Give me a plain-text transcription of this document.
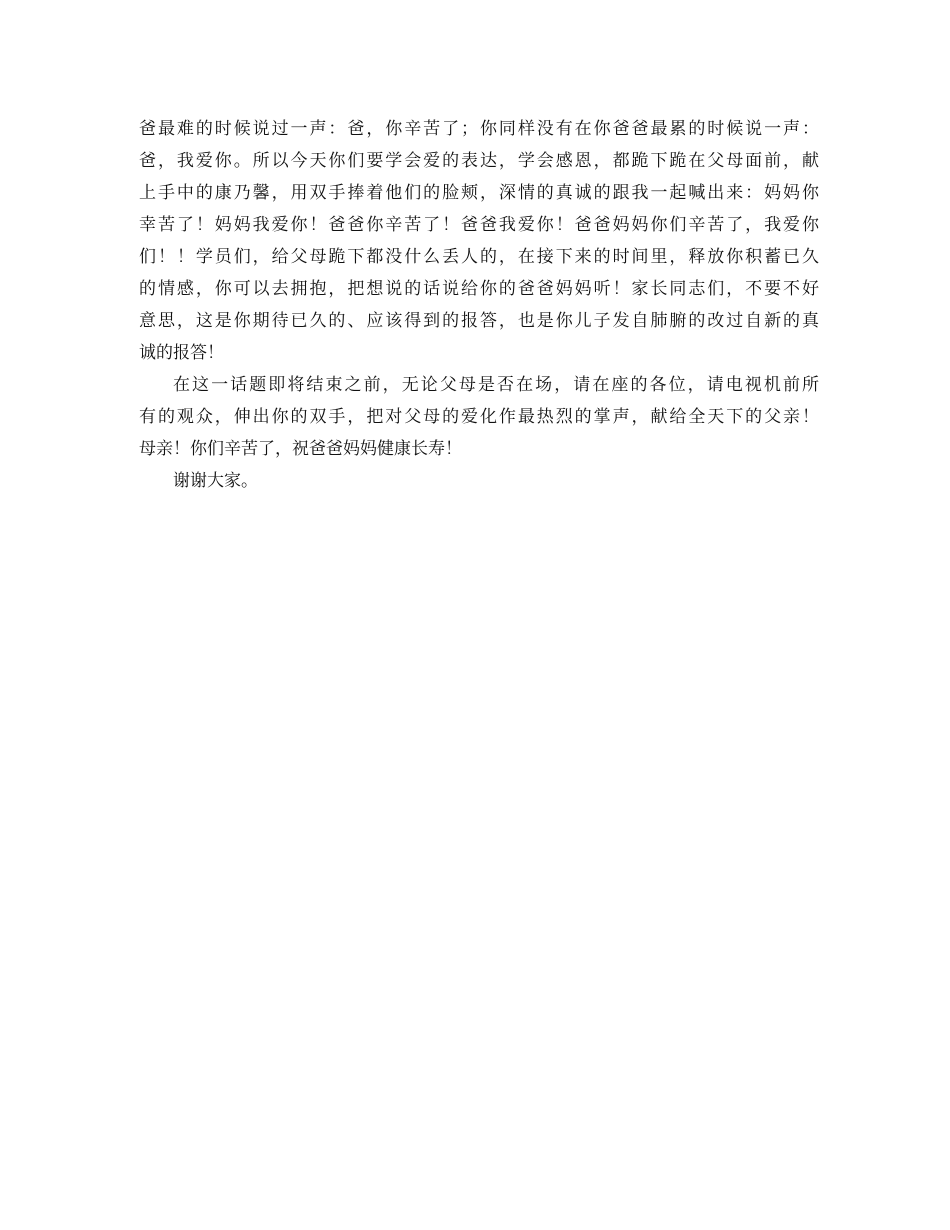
爸最难的时候说过一声：爸，你辛苦了；你同样没有在你爸爸最累的时候说一声：
爸，我爱你。所以今天你们要学会爱的表达，学会感恩，都跪下跪在父母面前，献
上手中的康乃馨，用双手捧着他们的脸颊，深情的真诚的跟我一起喊出来：妈妈你
幸苦了！妈妈我爱你！爸爸你辛苦了！爸爸我爱你！爸爸妈妈你们辛苦了，我爱你
们！！学员们，给父母跪下都没什么丢人的，在接下来的时间里，释放你积蓄已久
的情感，你可以去拥抱，把想说的话说给你的爸爸妈妈听！家长同志们，不要不好
意思，这是你期待已久的、应该得到的报答，也是你儿子发自肺腑的改过自新的真
诚的报答！
在这一话题即将结束之前，无论父母是否在场，请在座的各位，请电视机前所
有的观众，伸出你的双手，把对父母的爱化作最热烈的掌声，献给全天下的父亲！
母亲！你们辛苦了，祝爸爸妈妈健康长寿！
谢谢大家。
